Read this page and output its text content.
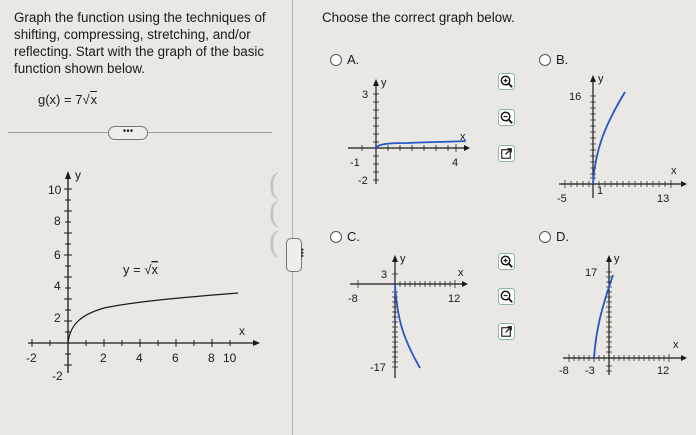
Graph the function using the techniques of shifting, compressing, stretching, and/or reflecting. Start with the graph of the basic function shown below.
g(x) = 7√x
•••
-2	2 4 6 8 10
10
8
6
4
2
-2
x
y
y = √x
(
(
(	•••
Choose the correct graph below.
A.
3
-2
-1	4
x
y
B.
16
1
-5	13
x
y
C.
3
-17
-8	12
x
y
D.
17
-8 -3	12
x
y
